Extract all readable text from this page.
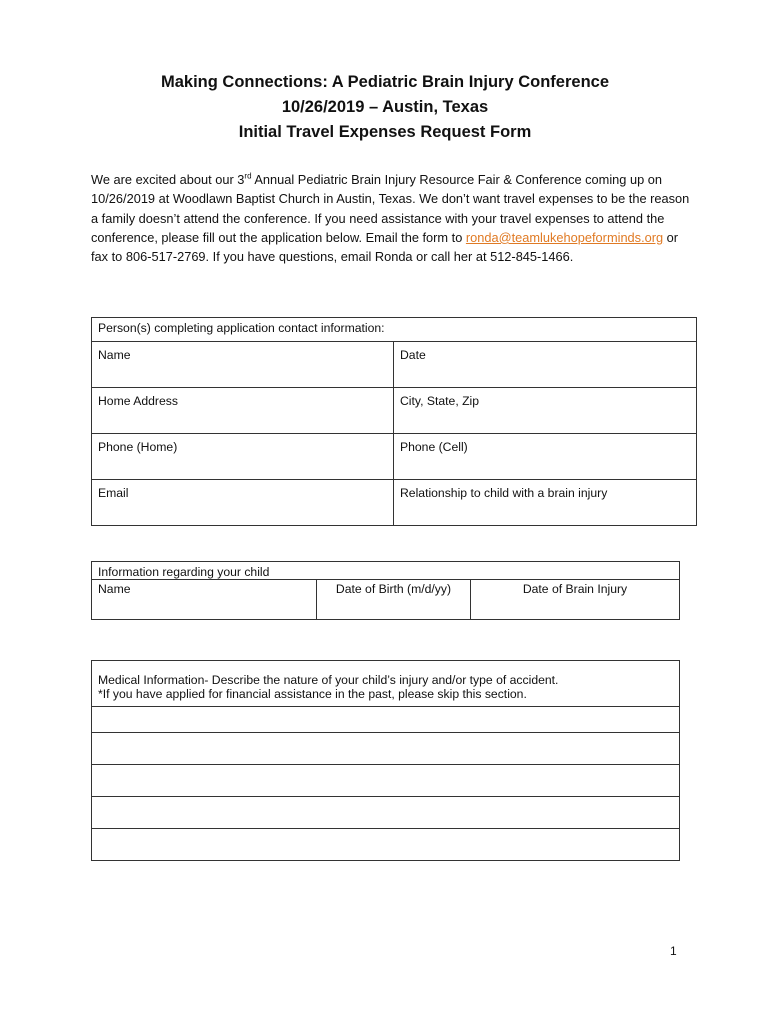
Making Connections: A Pediatric Brain Injury Conference
10/26/2019 – Austin, Texas
Initial Travel Expenses Request Form
We are excited about our 3rd Annual Pediatric Brain Injury Resource Fair & Conference coming up on 10/26/2019 at Woodlawn Baptist Church in Austin, Texas. We don’t want travel expenses to be the reason a family doesn’t attend the conference. If you need assistance with your travel expenses to attend the conference, please fill out the application below. Email the form to ronda@teamlukehopeforminds.org or fax to 806-517-2769. If you have questions, email Ronda or call her at 512-845-1466.
Person(s) completing application contact information:	
Name	Date
Home Address	City, State, Zip
Phone (Home)	Phone (Cell)
Email	Relationship to child with a brain injury
Information regarding your child
Name	Date of Birth (m/d/yy)	Date of Brain Injury
Medical Information- Describe the nature of your child’s injury and/or type of accident.
*If you have applied for financial assistance in the past, please skip this section.

1
